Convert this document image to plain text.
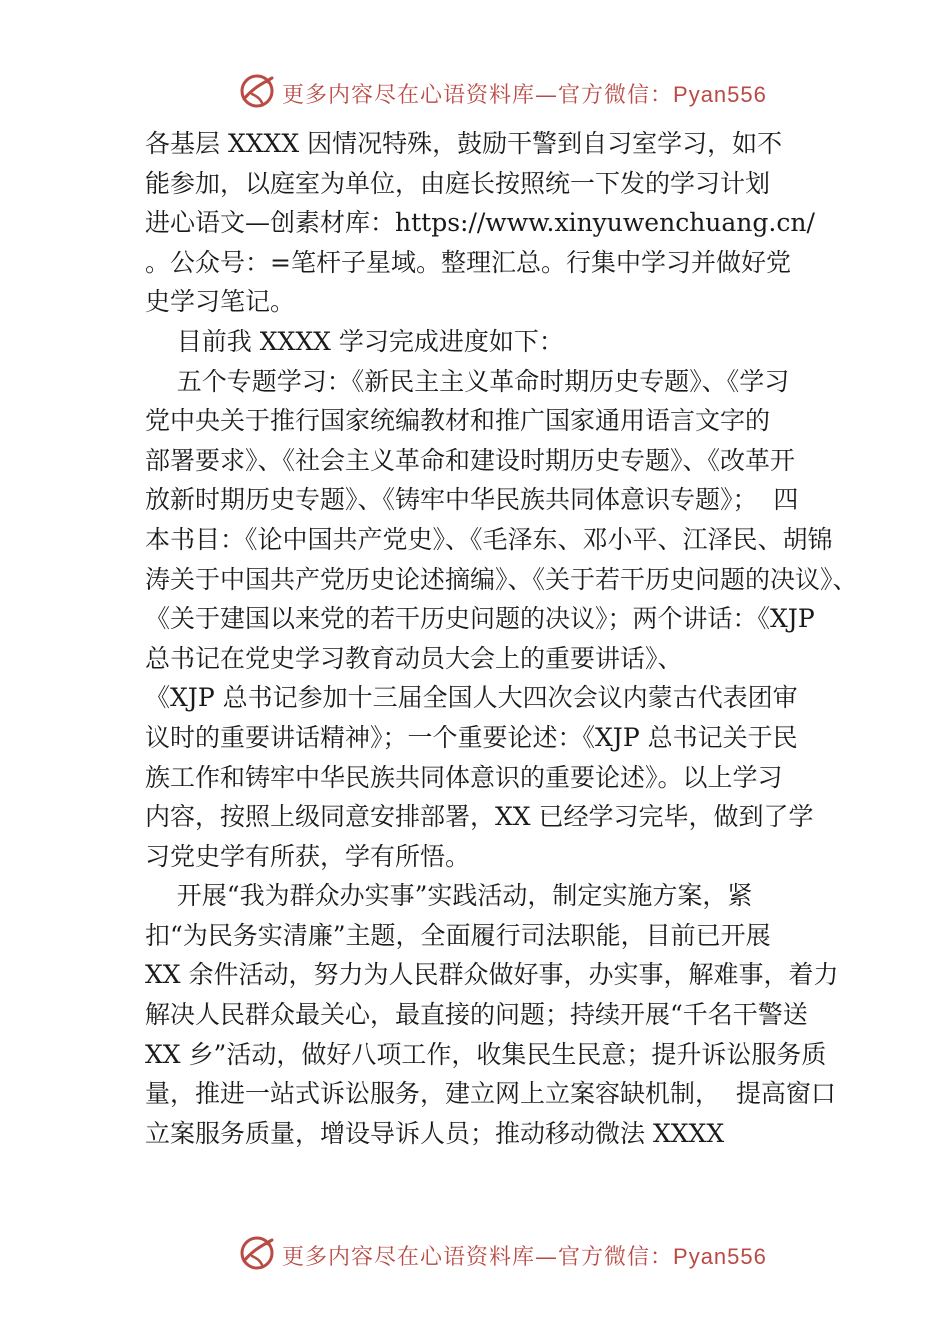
更多内容尽在心语资料库—官方微信：Pyan556
各基层 XXXX 因情况特殊，鼓励干警到自习室学习，如不
能参加，以庭室为单位，由庭长按照统一下发的学习计划
进心语文—创素材库：https://www.xinyuwenchuang.cn/
。公众号：=笔杆子星域。整理汇总。行集中学习并做好党
史学习笔记。
目前我 XXXX 学习完成进度如下：
五个专题学习：《新民主主义革命时期历史专题》、《学习
党中央关于推行国家统编教材和推广国家通用语言文字的
部署要求》、《社会主义革命和建设时期历史专题》、《改革开
放新时期历史专题》、《铸牢中华民族共同体意识专题》；  四
本书目：《论中国共产党史》、《毛泽东、邓小平、江泽民、胡锦
涛关于中国共产党历史论述摘编》、《关于若干历史问题的决议》、
《关于建国以来党的若干历史问题的决议》；两个讲话：《XJP
总书记在党史学习教育动员大会上的重要讲话》、
《XJP 总书记参加十三届全国人大四次会议内蒙古代表团审
议时的重要讲话精神》；一个重要论述：《XJP 总书记关于民
族工作和铸牢中华民族共同体意识的重要论述》。以上学习
内容，按照上级同意安排部署，XX 已经学习完毕，做到了学
习党史学有所获，学有所悟。
开展“我为群众办实事”实践活动，制定实施方案，紧
扣“为民务实清廉”主题，全面履行司法职能，目前已开展
XX 余件活动，努力为人民群众做好事，办实事，解难事，着力
解决人民群众最关心，最直接的问题；持续开展“千名干警送
XX 乡”活动，做好八项工作，收集民生民意；提升诉讼服务质
量，推进一站式诉讼服务，建立网上立案容缺机制，  提高窗口
立案服务质量，增设导诉人员；推动移动微法 XXXX
更多内容尽在心语资料库—官方微信：Pyan556
